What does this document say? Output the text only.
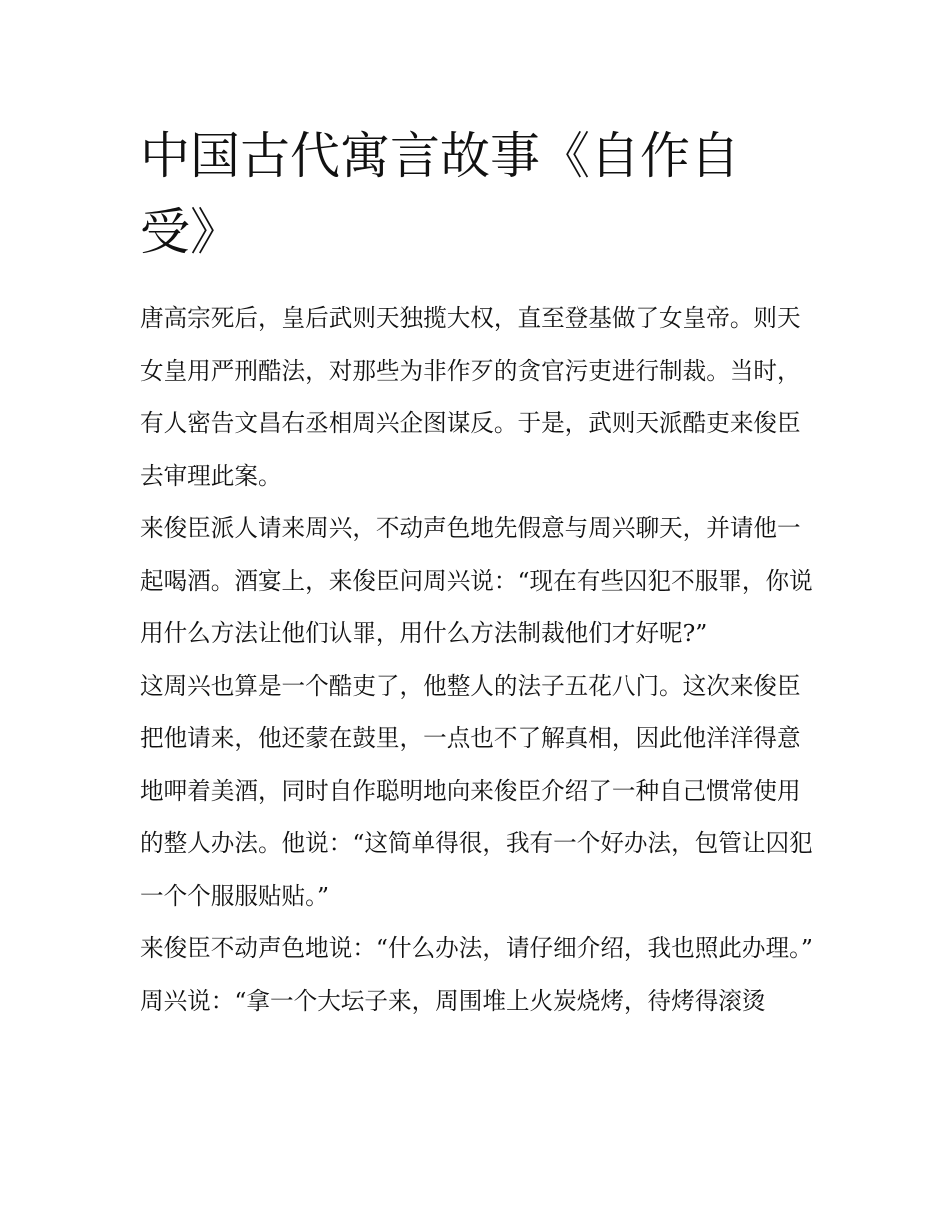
中国古代寓言故事《自作自受》

唐高宗死后，皇后武则天独揽大权，直至登基做了女皇帝。则天女皇用严刑酷法，对那些为非作歹的贪官污吏进行制裁。当时，有人密告文昌右丞相周兴企图谋反。于是，武则天派酷吏来俊臣去审理此案。

来俊臣派人请来周兴，不动声色地先假意与周兴聊天，并请他一起喝酒。酒宴上，来俊臣问周兴说：“现在有些囚犯不服罪，你说用什么方法让他们认罪，用什么方法制裁他们才好呢?”

这周兴也算是一个酷吏了，他整人的法子五花八门。这次来俊臣把他请来，他还蒙在鼓里，一点也不了解真相，因此他洋洋得意地呷着美酒，同时自作聪明地向来俊臣介绍了一种自己惯常使用的整人办法。他说：“这简单得很，我有一个好办法，包管让囚犯一个个服服贴贴。”

来俊臣不动声色地说：“什么办法，请仔细介绍，我也照此办理。”

周兴说：“拿一个大坛子来，周围堆上火炭烧烤，待烤得滚烫
